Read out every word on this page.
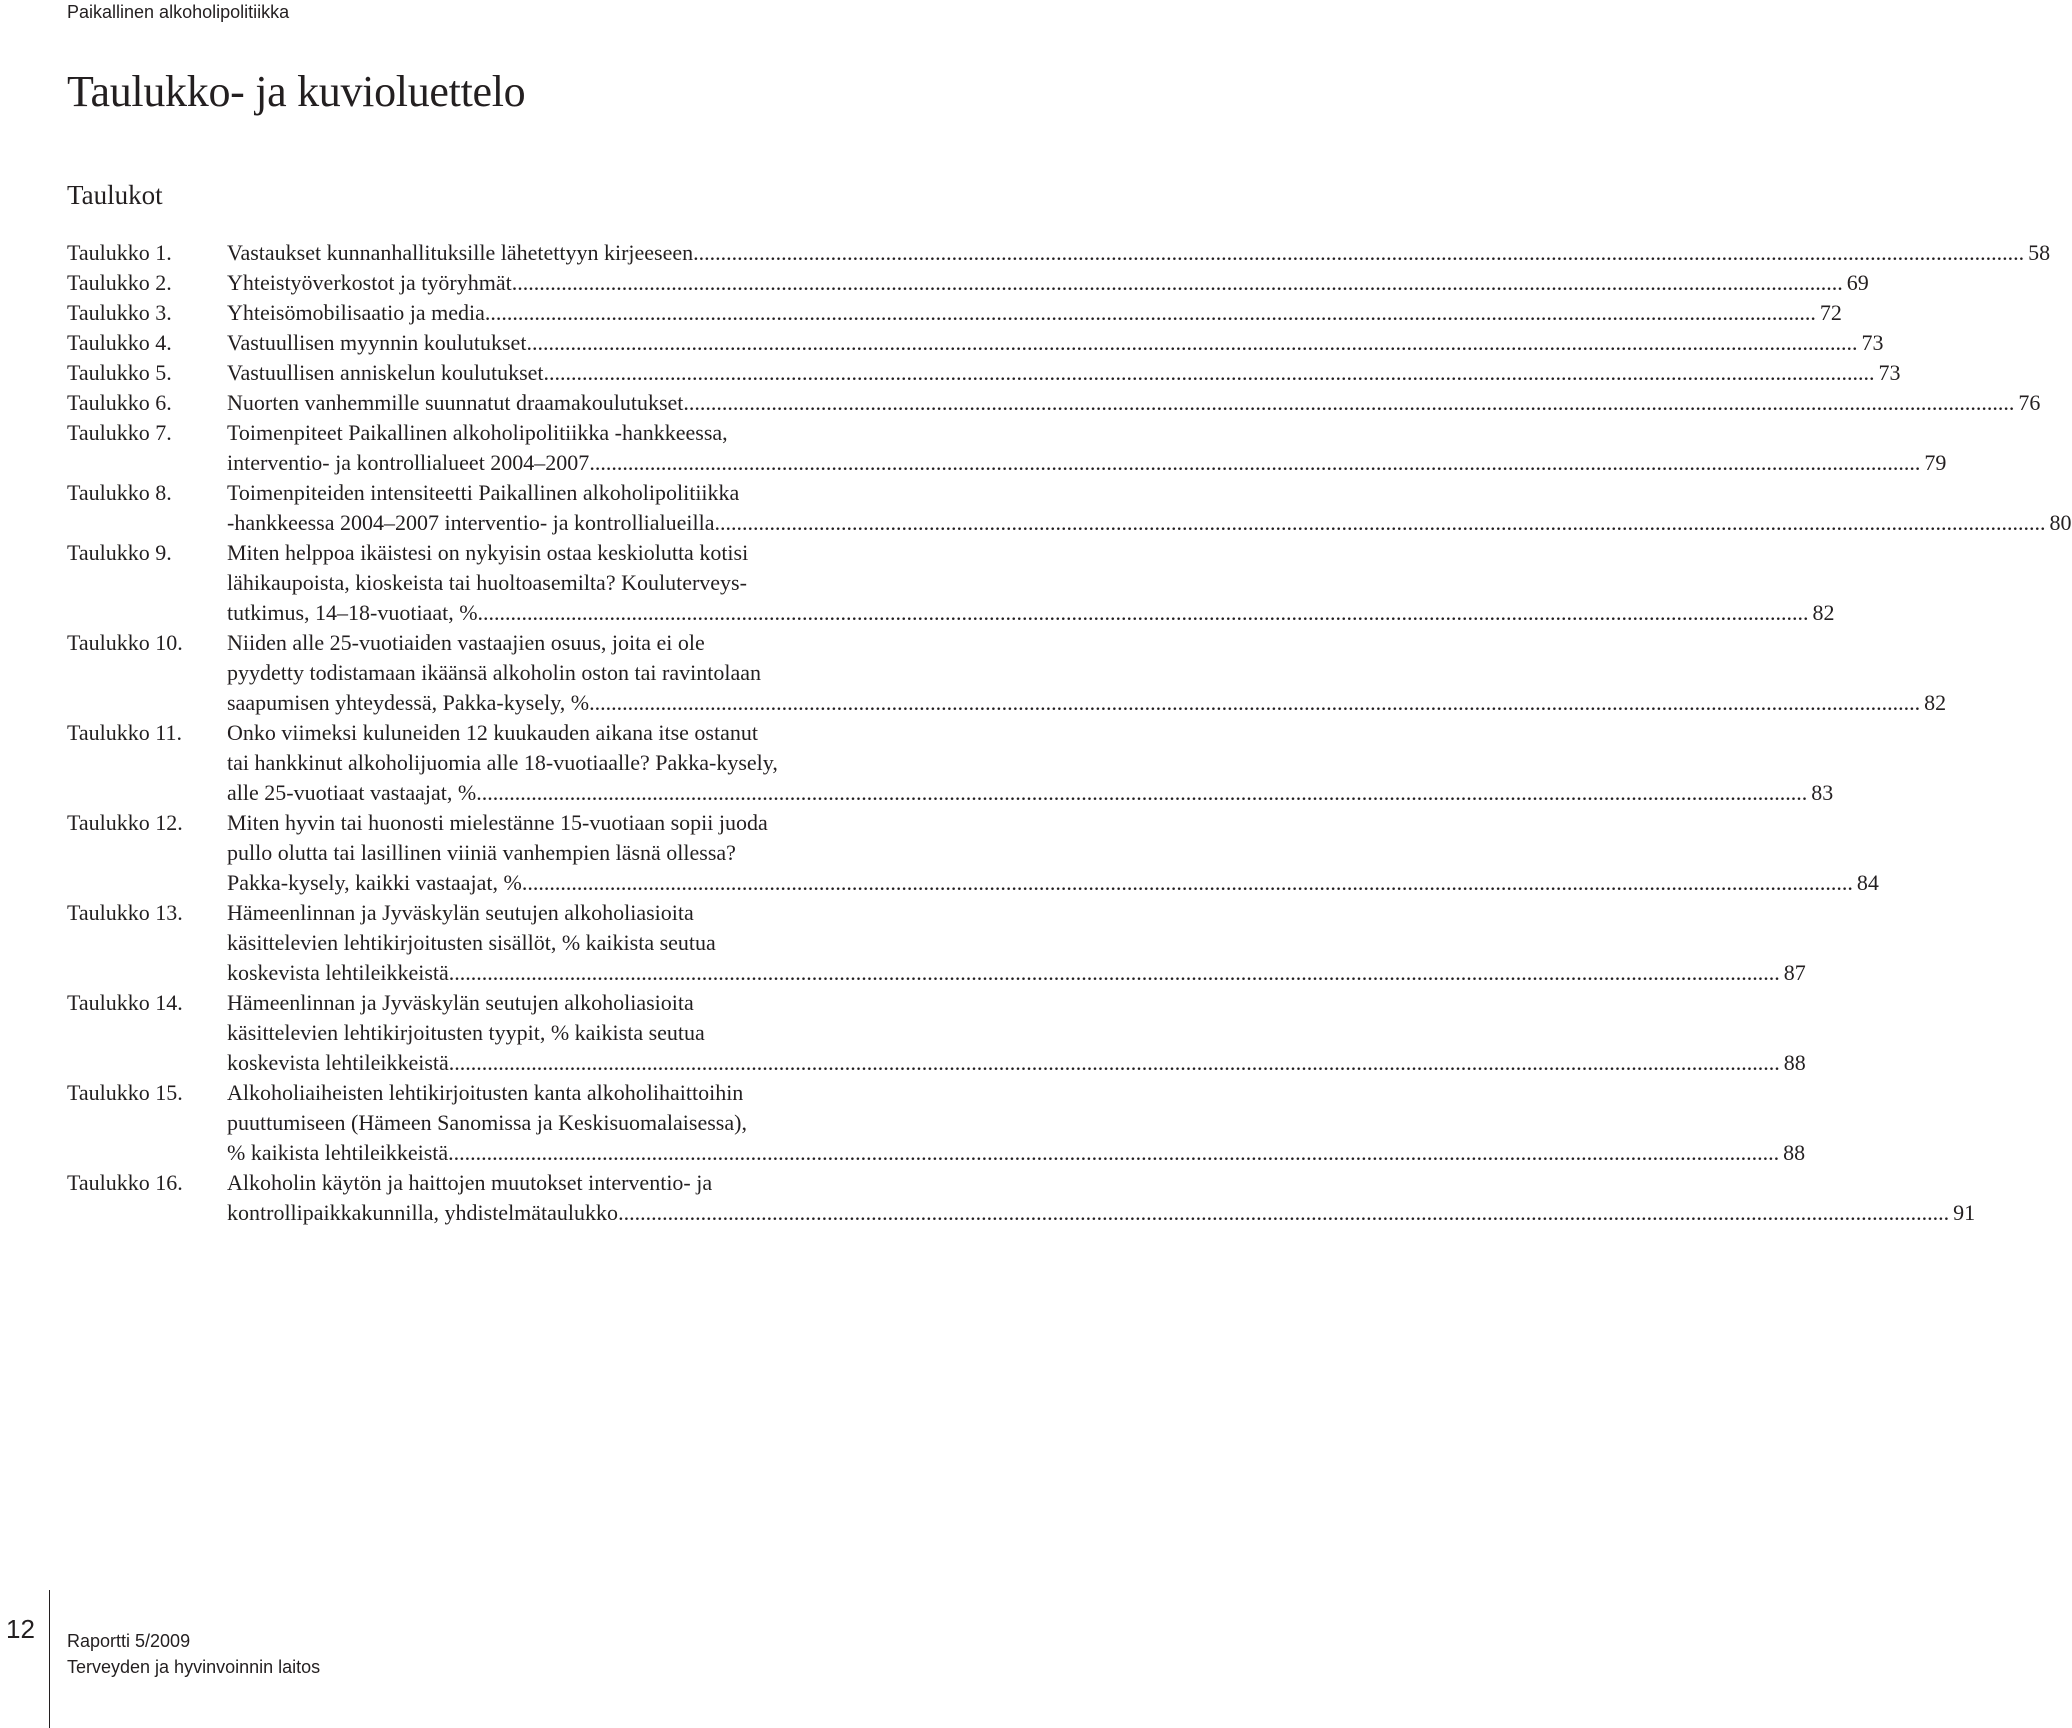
Paikallinen alkoholipolitiikka
Taulukko- ja kuvioluettelo
Taulukot
Taulukko 1.	Vastaukset kunnanhallituksille lähetettyyn kirjeeseen .....	58
Taulukko 2.	Yhteistyöverkostot ja työryhmät .....	69
Taulukko 3.	Yhteisömobilisaatio ja media .....	72
Taulukko 4.	Vastuullisen myynnin koulutukset .....	73
Taulukko 5.	Vastuullisen anniskelun koulutukset .....	73
Taulukko 6.	Nuorten vanhemmille suunnatut draamakoulutukset .....	76
Taulukko 7.	Toimenpiteet Paikallinen alkoholipolitiikka -hankkeessa,
interventio- ja kontrollialueet 2004–2007 .....	79
Taulukko 8.	Toimenpiteiden intensiteetti Paikallinen alkoholipolitiikka
-hankkeessa 2004–2007 interventio- ja kontrollialueilla .....	80
Taulukko 9.	Miten helppoa ikäistesi on nykyisin ostaa keskiolutta kotisi
lähikaupoista, kioskeista tai huoltoasemilta? Kouluterveys-
tutkimus, 14–18-vuotiaat, % .....	82
Taulukko 10. Niiden alle 25-vuotiaiden vastaajien osuus, joita ei ole
pyydetty todistamaan ikäänsä alkoholin oston tai ravintolaan
saapumisen yhteydessä, Pakka-kysely, % .....	82
Taulukko 11. Onko viimeksi kuluneiden 12 kuukauden aikana itse ostanut
tai hankkinut alkoholijuomia alle 18-vuotiaalle? Pakka-kysely,
alle 25-vuotiaat vastaajat, % .....	83
Taulukko 12. Miten hyvin tai huonosti mielestänne 15-vuotiaan sopii juoda
pullo olutta tai lasillinen viiniä vanhempien läsnä ollessa?
Pakka-kysely, kaikki vastaajat, % .....	84
Taulukko 13. Hämeenlinnan ja Jyväskylän seutujen alkoholiasioita
käsittelevien lehtikirjoitusten sisällöt, % kaikista seutua
koskevista lehtileikkeistä .....	87
Taulukko 14. Hämeenlinnan ja Jyväskylän seutujen alkoholiasioita
käsittelevien lehtikirjoitusten tyypit, % kaikista seutua
koskevista lehtileikkeistä .....	88
Taulukko 15. Alkoholiaiheisten lehtikirjoitusten kanta alkoholihaittoihin
puuttumiseen (Hämeen Sanomissa ja Keskisuomalaisessa),
% kaikista lehtileikkeistä .....	88
Taulukko 16. Alkoholin käytön ja haittojen muutokset interventio- ja
kontrollipaikkakunnilla, yhdistelmätaulukko .....	91
12 Raportti 5/2009
Terveyden ja hyvinvoinnin laitos
